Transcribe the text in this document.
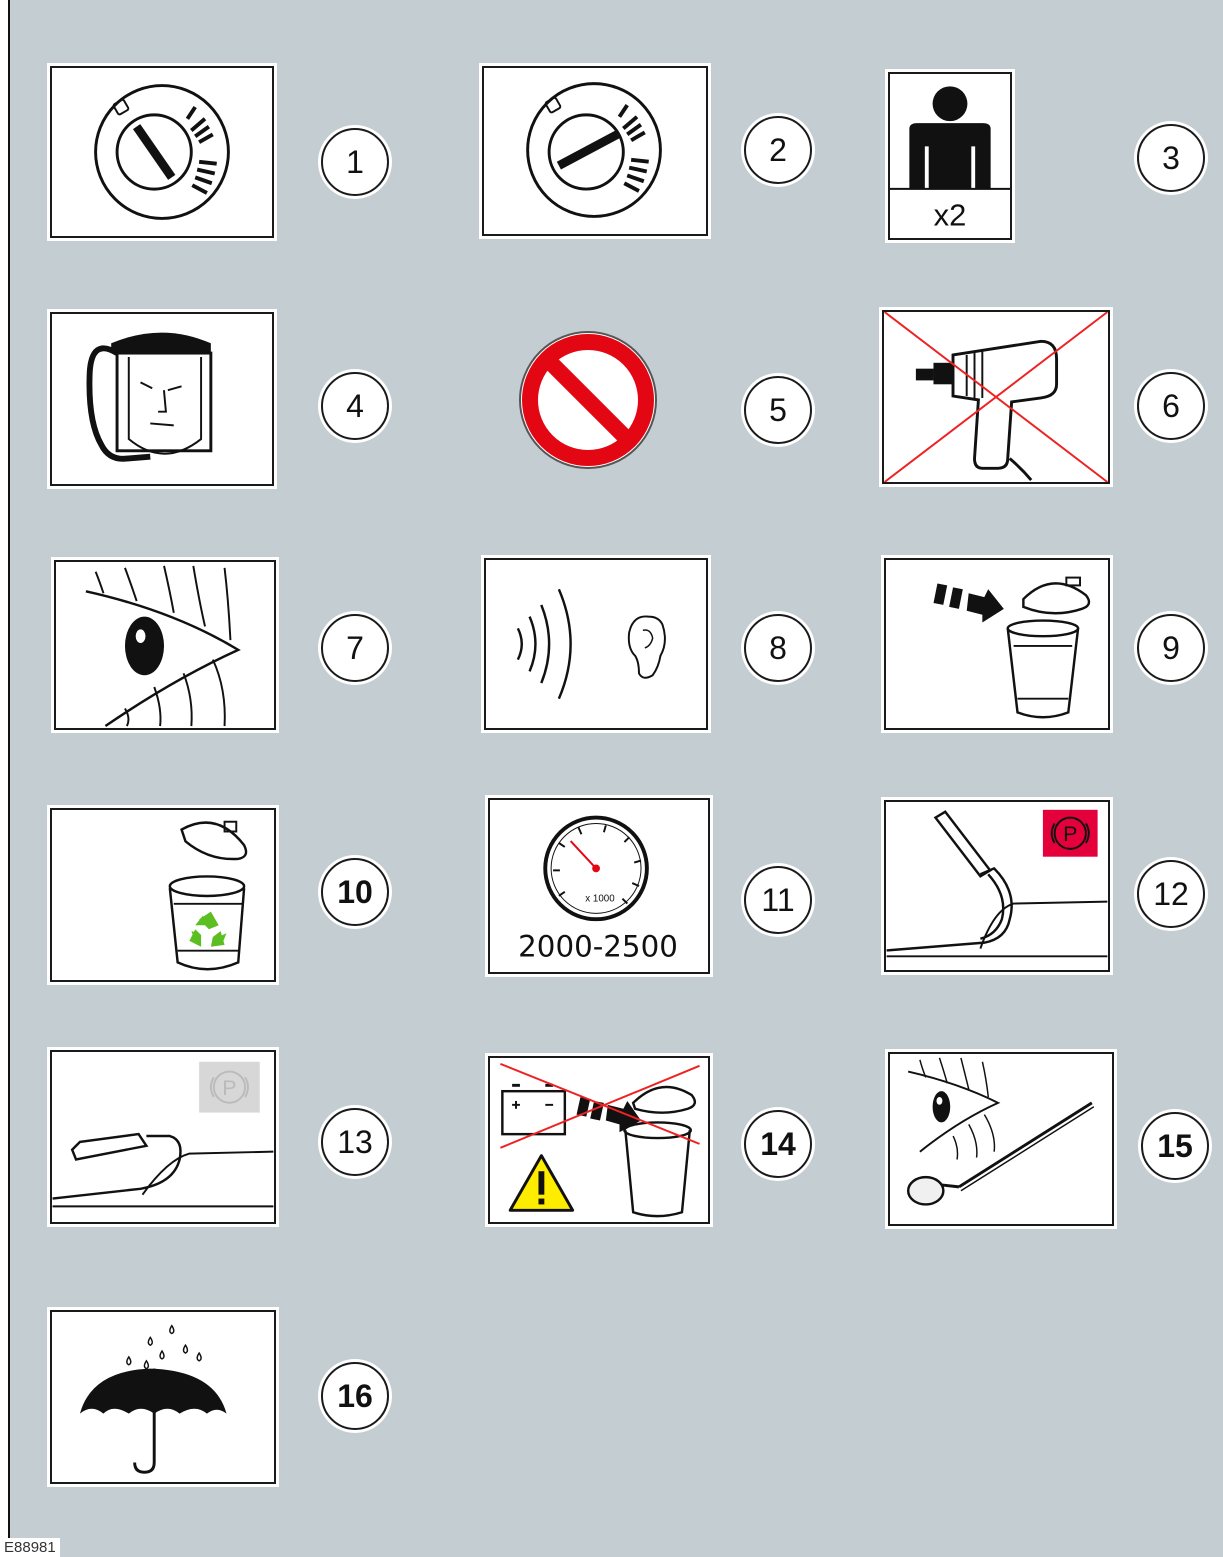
1	2
x2
3
4	5	6
7	8	9
10	x 1000
2000-2500
11
P
12
P
13	14	15
16
E88981
